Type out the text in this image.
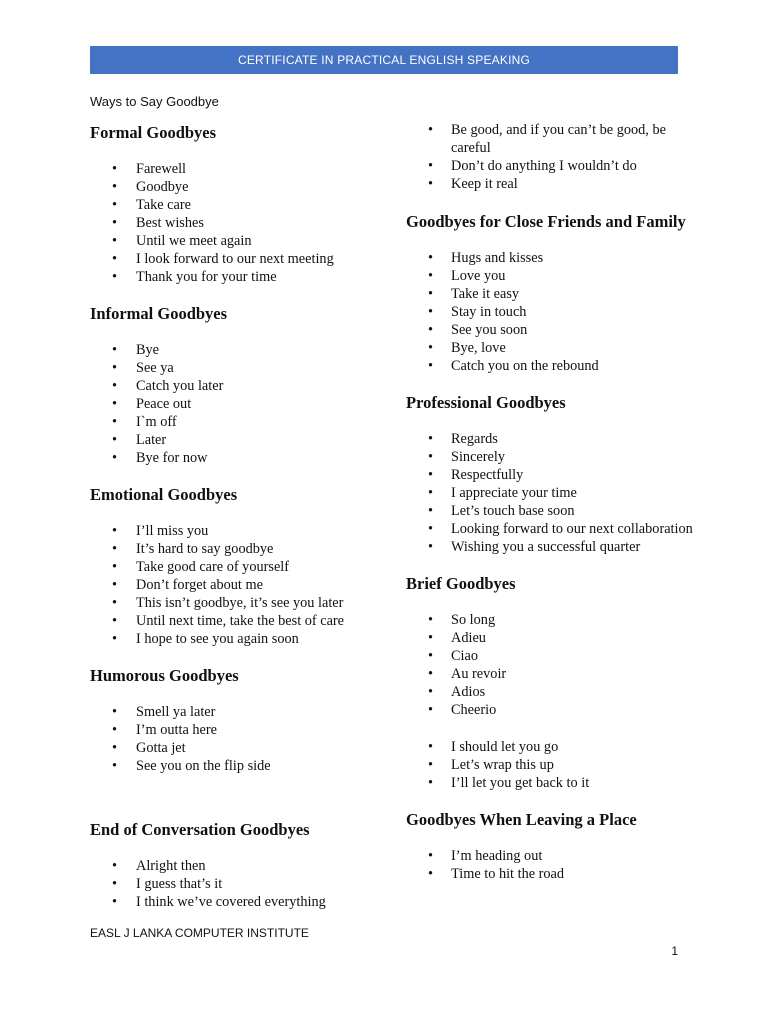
CERTIFICATE IN PRACTICAL ENGLISH SPEAKING
Ways to Say Goodbye
Formal Goodbyes
• Farewell
• Goodbye
• Take care
• Best wishes
• Until we meet again
• I look forward to our next meeting
• Thank you for your time
Informal Goodbyes
• Bye
• See ya
• Catch you later
• Peace out
• I`m off
• Later
• Bye for now
Emotional Goodbyes
• I’ll miss you
• It’s hard to say goodbye
• Take good care of yourself
• Don’t forget about me
• This isn’t goodbye, it’s see you later
• Until next time, take the best of care
• I hope to see you again soon
Humorous Goodbyes
• Smell ya later
• I’m outta here
• Gotta jet
• See you on the flip side
End of Conversation Goodbyes
• Alright then
• I guess that’s it
• I think we’ve covered everything
• Be good, and if you can’t be good, be careful
• Don’t do anything I wouldn’t do
• Keep it real
Goodbyes for Close Friends and Family
• Hugs and kisses
• Love you
• Take it easy
• Stay in touch
• See you soon
• Bye, love
• Catch you on the rebound
Professional Goodbyes
• Regards
• Sincerely
• Respectfully
• I appreciate your time
• Let’s touch base soon
• Looking forward to our next collaboration
• Wishing you a successful quarter
Brief Goodbyes
• So long
• Adieu
• Ciao
• Au revoir
• Adios
• Cheerio
• I should let you go
• Let’s wrap this up
• I’ll let you get back to it
Goodbyes When Leaving a Place
• I’m heading out
• Time to hit the road
EASL J LANKA COMPUTER INSTITUTE
1
